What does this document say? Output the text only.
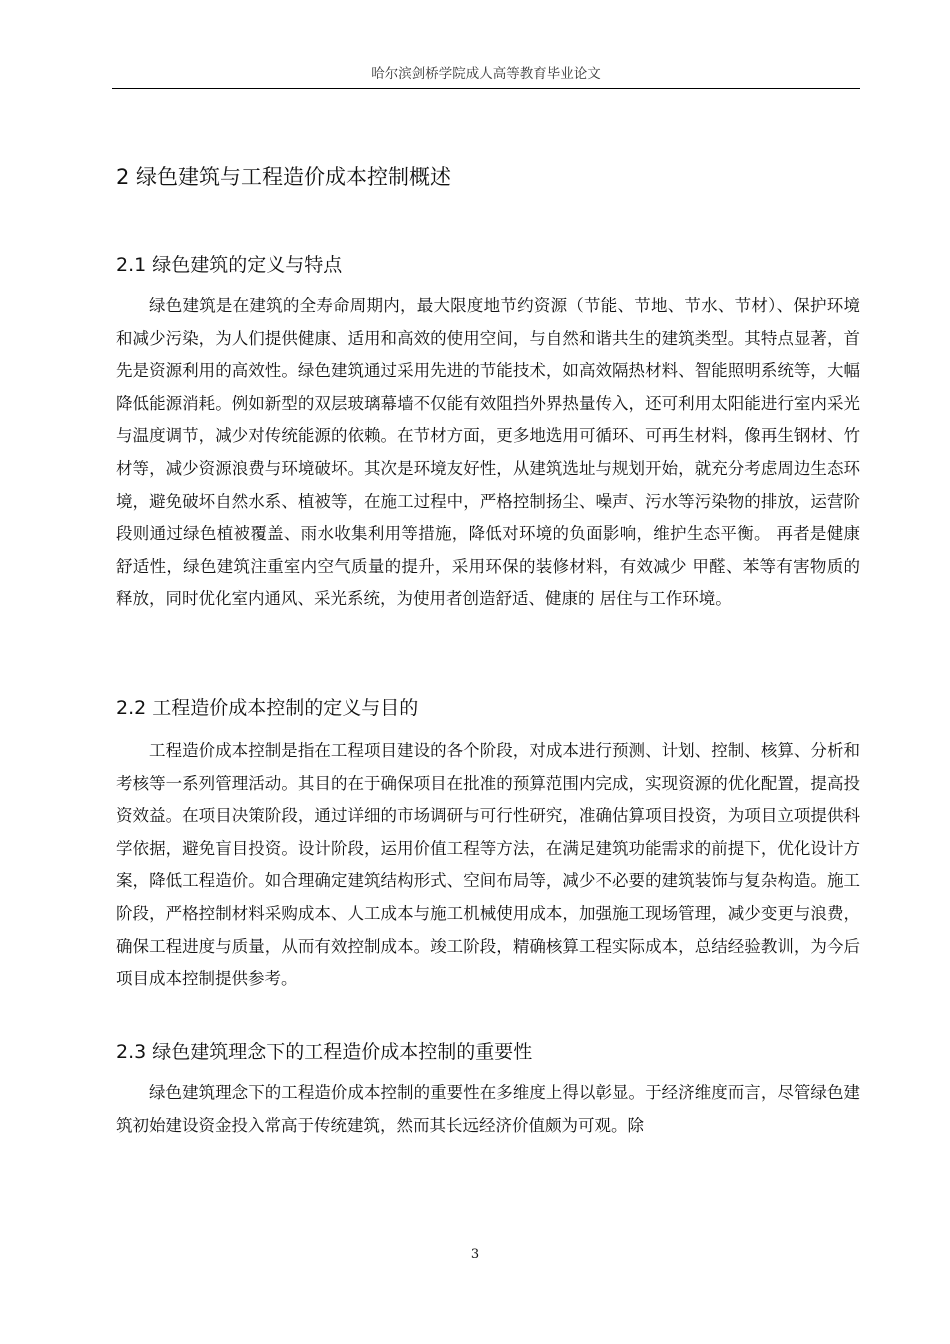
哈尔滨剑桥学院成人高等教育毕业论文
2 绿色建筑与工程造价成本控制概述
2.1 绿色建筑的定义与特点

绿色建筑是在建筑的全寿命周期内，最大限度地节约资源（节能、节地、节水、节材）、保护环境和减少污染，为人们提供健康、适用和高效的使用空间，与自然和谐共生的建筑类型。其特点显著，首先是资源利用的高效性。绿色建筑通过采用先进的节能技术，如高效隔热材料、智能照明系统等，大幅降低能源消耗。例如新型的双层玻璃幕墙不仅能有效阻挡外界热量传入，还可利用太阳能进行室内采光与温度调节，减少对传统能源的依赖。在节材方面，更多地选用可循环、可再生材料，像再生钢材、竹材等，减少资源浪费与环境破坏。其次是环境友好性，从建筑选址与规划开始，就充分考虑周边生态环境，避免破坏自然水系、植被等，在施工过程中，严格控制扬尘、噪声、污水等污染物的排放，运营阶段则通过绿色植被覆盖、雨水收集利用等措施，降低对环境的负面影响，维护生态平衡。 再者是健康舒适性，绿色建筑注重室内空气质量的提升，采用环保的装修材料，有效减少 甲醛、苯等有害物质的释放，同时优化室内通风、采光系统，为使用者创造舒适、健康的 居住与工作环境。

2.2 工程造价成本控制的定义与目的

工程造价成本控制是指在工程项目建设的各个阶段，对成本进行预测、计划、控制、核算、分析和考核等一系列管理活动。其目的在于确保项目在批准的预算范围内完成，实现资源的优化配置，提高投资效益。在项目决策阶段，通过详细的市场调研与可行性研究，准确估算项目投资，为项目立项提供科学依据，避免盲目投资。设计阶段，运用价值工程等方法，在满足建筑功能需求的前提下，优化设计方案，降低工程造价。如合理确定建筑结构形式、空间布局等，减少不必要的建筑装饰与复杂构造。施工阶段，严格控制材料采购成本、人工成本与施工机械使用成本，加强施工现场管理，减少变更与浪费，确保工程进度与质量，从而有效控制成本。竣工阶段，精确核算工程实际成本，总结经验教训，为今后项目成本控制提供参考。

2.3 绿色建筑理念下的工程造价成本控制的重要性

绿色建筑理念下的工程造价成本控制的重要性在多维度上得以彰显。于经济维度而言，尽管绿色建筑初始建设资金投入常高于传统建筑，然而其长远经济价值颇为可观。除

3
